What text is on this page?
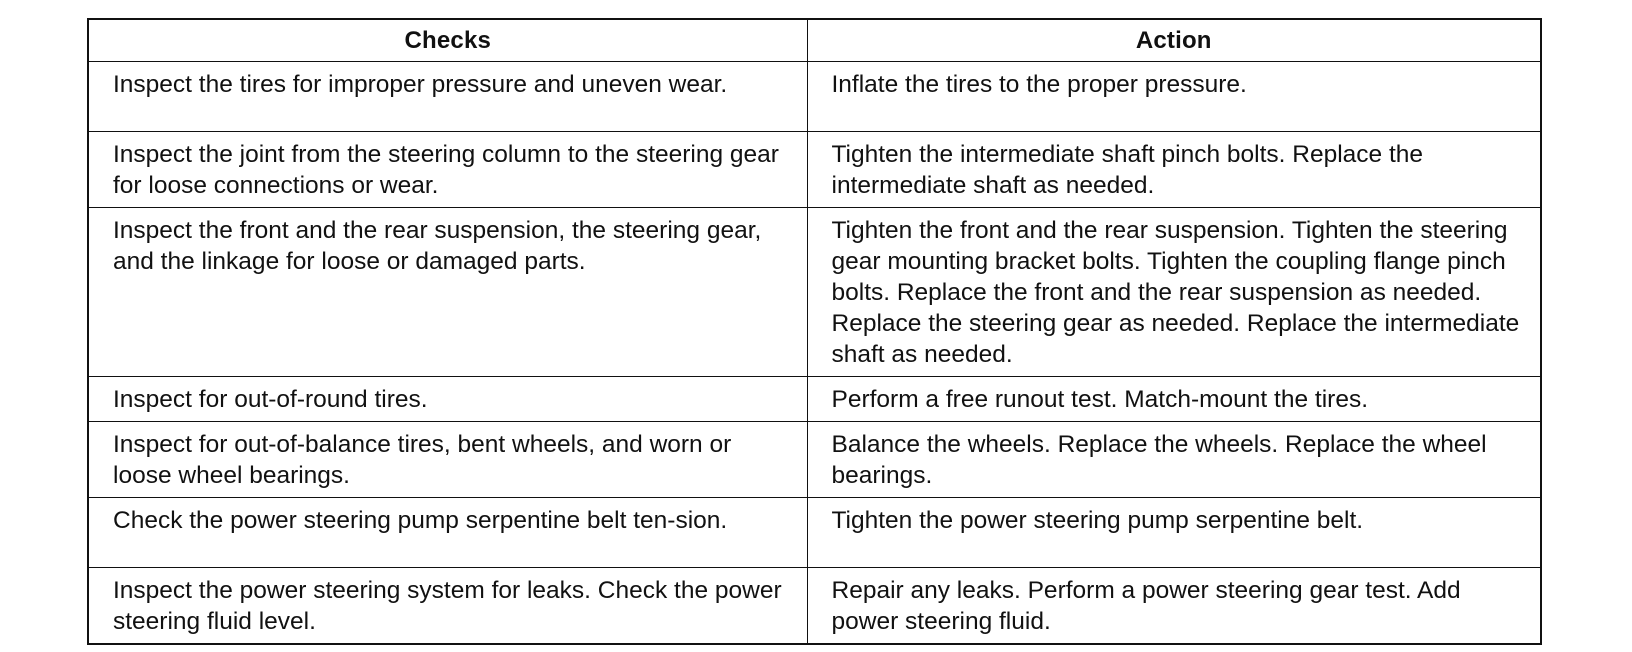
Checks	Action
Inspect the tires for improper pressure and uneven wear.	Inflate the tires to the proper pressure.
Inspect the joint from the steering column to the steering gear for loose connections or wear.	Tighten the intermediate shaft pinch bolts. Replace the intermediate shaft as needed.
Inspect the front and the rear suspension, the steering gear, and the linkage for loose or damaged parts.	Tighten the front and the rear suspension. Tighten the steering gear mounting bracket bolts. Tighten the coupling flange pinch bolts. Replace the front and the rear suspension as needed. Replace the steering gear as needed. Replace the intermediate shaft as needed.
Inspect for out-of-round tires.	Perform a free runout test. Match-mount the tires.
Inspect for out-of-balance tires, bent wheels, and worn or loose wheel bearings.	Balance the wheels. Replace the wheels. Replace the wheel bearings.
Check the power steering pump serpentine belt ten-sion.	Tighten the power steering pump serpentine belt.
Inspect the power steering system for leaks. Check the power steering fluid level.	Repair any leaks. Perform a power steering gear test. Add power steering fluid.
